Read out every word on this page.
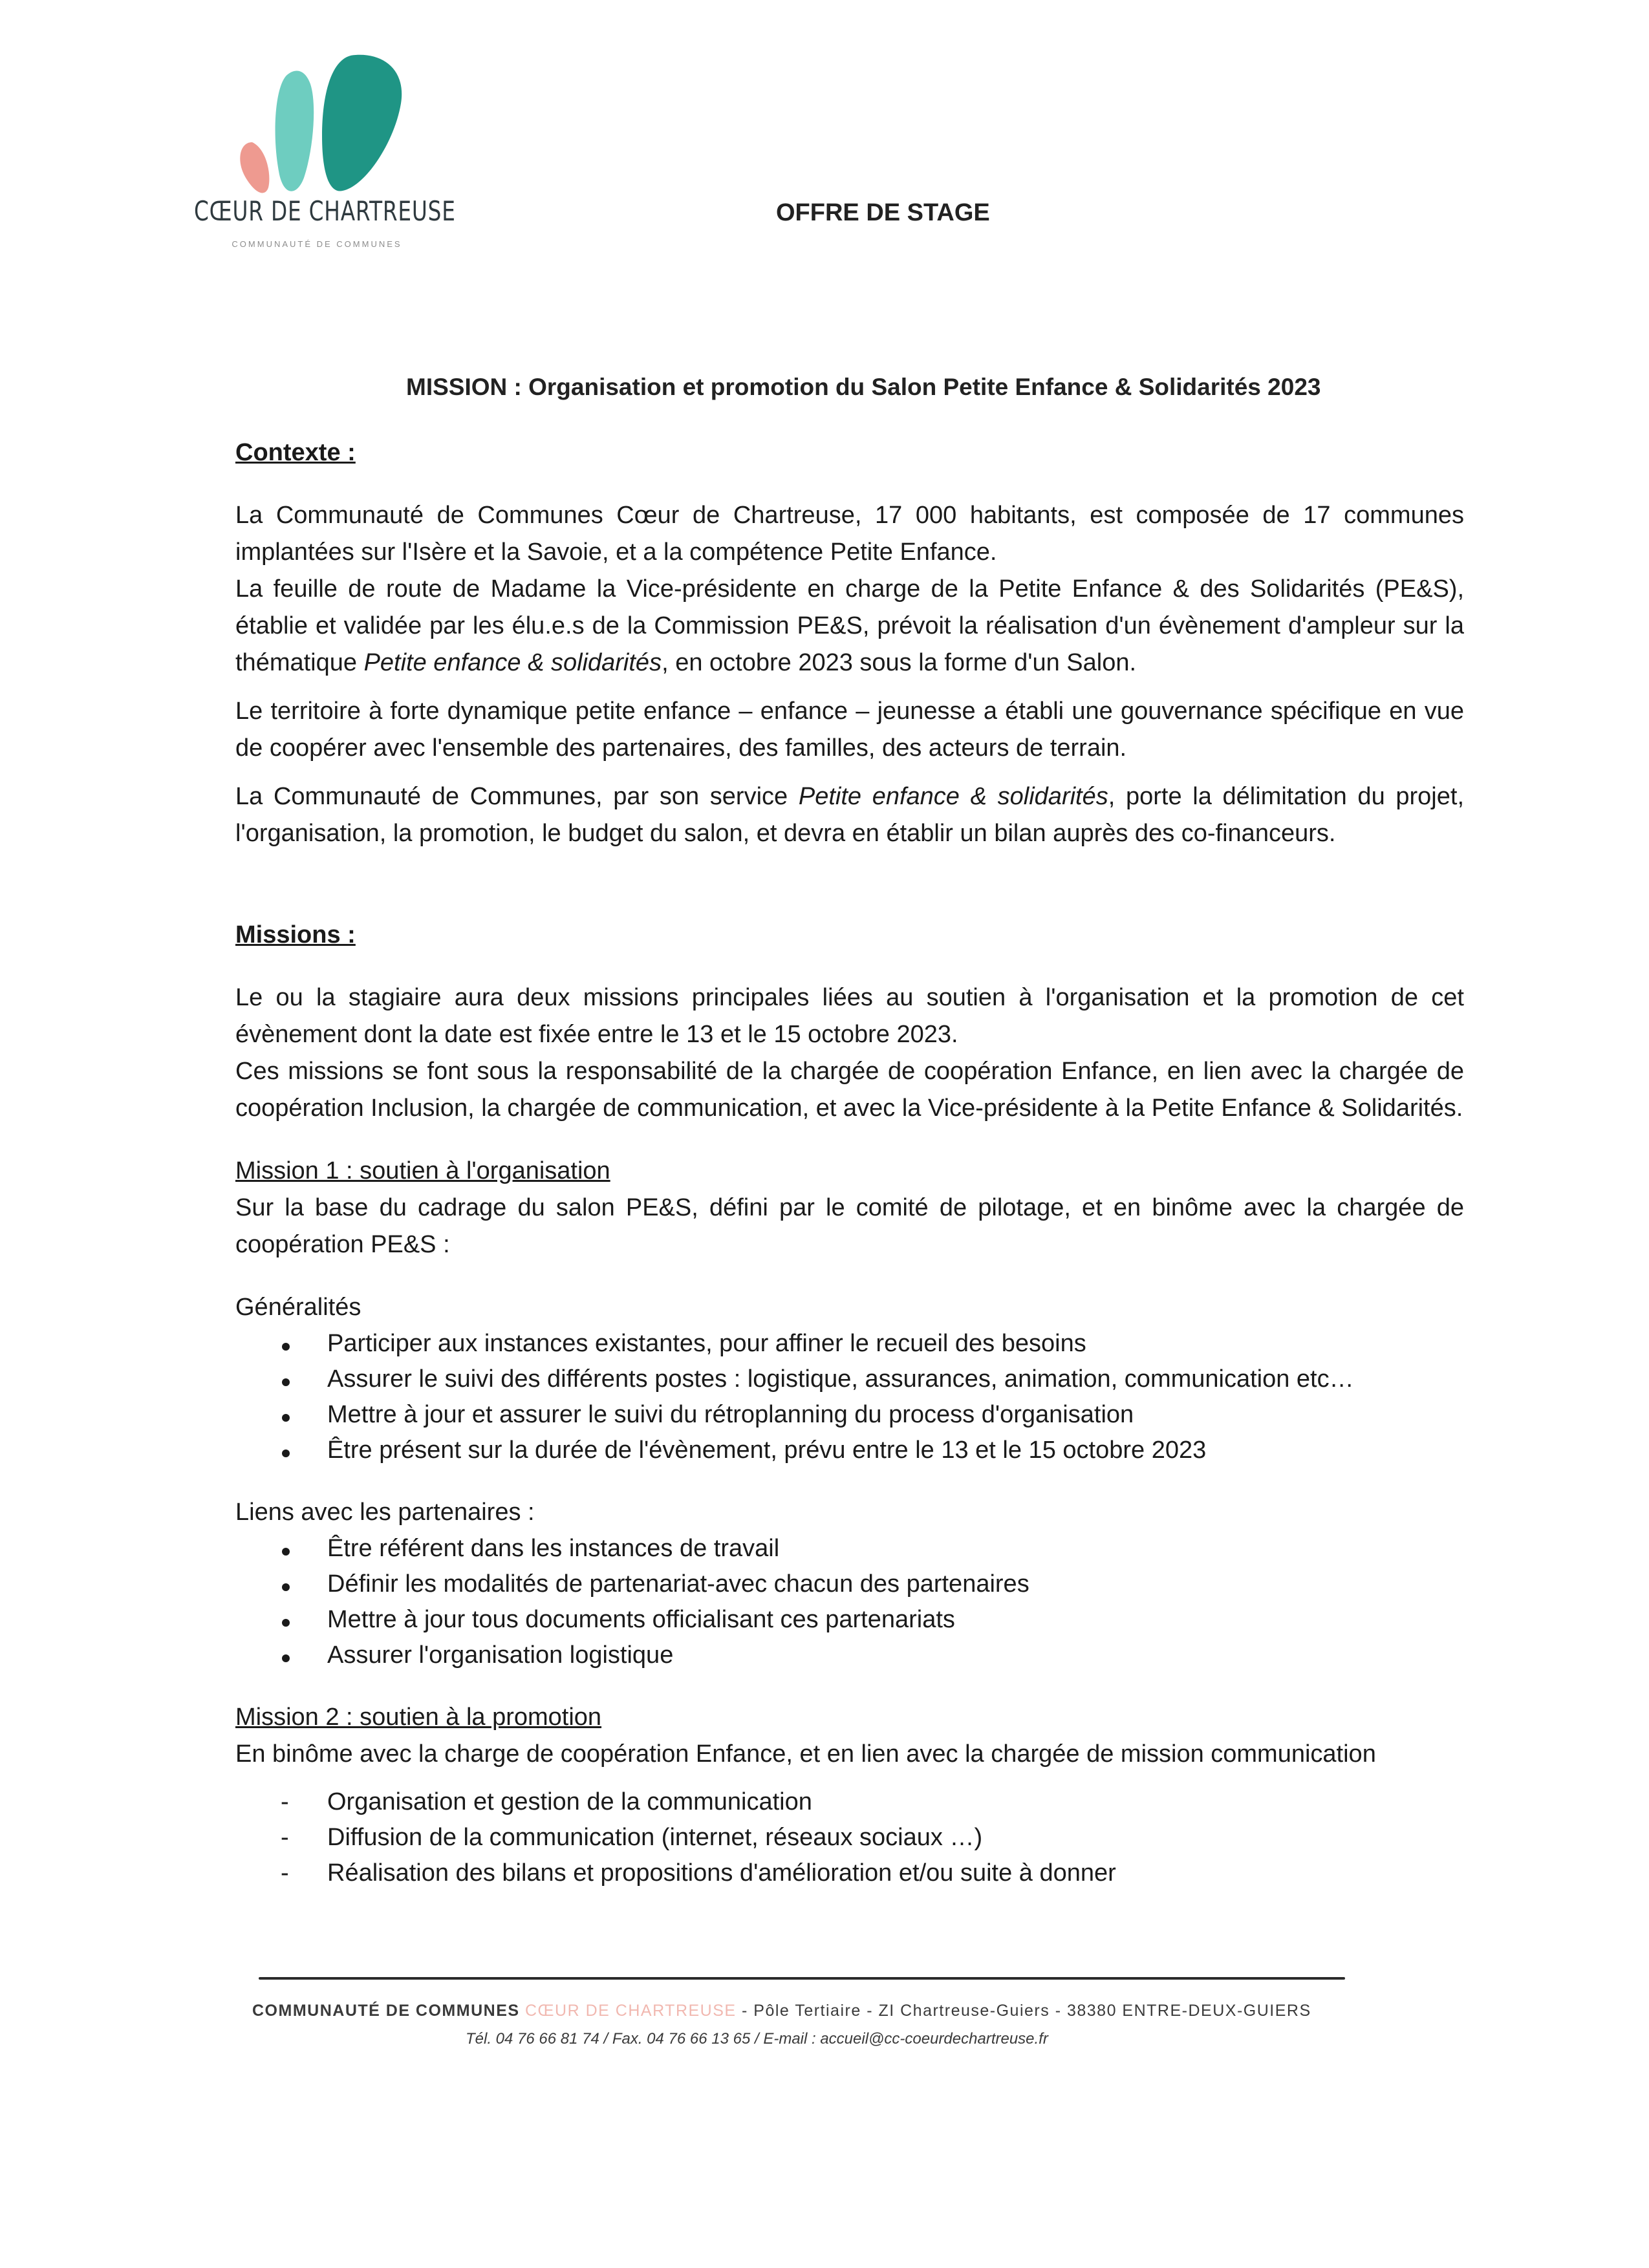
CŒUR DE CHARTREUSE
COMMUNAUTÉ DE COMMUNES
OFFRE DE STAGE
MISSION : Organisation et promotion du Salon Petite Enfance & Solidarités 2023

Contexte :

La Communauté de Communes Cœur de Chartreuse, 17 000 habitants, est composée de 17 communes implantées sur l'Isère et la Savoie, et a la compétence Petite Enfance.

La feuille de route de Madame la Vice-présidente en charge de la Petite Enfance & des Solidarités (PE&S), établie et validée par les élu.e.s de la Commission PE&S, prévoit la réalisation d'un évènement d'ampleur sur la thématique Petite enfance & solidarités, en octobre 2023 sous la forme d'un Salon.

Le territoire à forte dynamique petite enfance – enfance – jeunesse a établi une gouvernance spécifique en vue de coopérer avec l'ensemble des partenaires, des familles, des acteurs de terrain.

La Communauté de Communes, par son service Petite enfance & solidarités, porte la délimitation du projet, l'organisation, la promotion, le budget du salon, et devra en établir un bilan auprès des co-financeurs.

Missions :

Le ou la stagiaire aura deux missions principales liées au soutien à l'organisation et la promotion de cet évènement dont la date est fixée entre le 13 et le 15 octobre 2023.

Ces missions se font sous la responsabilité de la chargée de coopération Enfance, en lien avec la chargée de coopération Inclusion, la chargée de communication, et avec la Vice-présidente à la Petite Enfance & Solidarités.

Mission 1 : soutien à l'organisation

Sur la base du cadrage du salon PE&S, défini par le comité de pilotage, et en binôme avec la chargée de coopération PE&S :

Généralités

Participer aux instances existantes, pour affiner le recueil des besoins
Assurer le suivi des différents postes : logistique, assurances, animation, communication etc…
Mettre à jour et assurer le suivi du rétroplanning du process d'organisation
Être présent sur la durée de l'évènement, prévu entre le 13 et le 15 octobre 2023

Liens avec les partenaires :

Être référent dans les instances de travail
Définir les modalités de partenariat-avec chacun des partenaires
Mettre à jour tous documents officialisant ces partenariats
Assurer l'organisation logistique

Mission 2 : soutien à la promotion

En binôme avec la charge de coopération Enfance, et en lien avec la chargée de mission communication

- Organisation et gestion de la communication
- Diffusion de la communication (internet, réseaux sociaux …)
- Réalisation des bilans et propositions d'amélioration et/ou suite à donner
COMMUNAUTÉ DE COMMUNES CŒUR DE CHARTREUSE - Pôle Tertiaire - ZI Chartreuse-Guiers - 38380 ENTRE-DEUX-GUIERS
Tél. 04 76 66 81 74 / Fax. 04 76 66 13 65 / E-mail : accueil@cc-coeurdechartreuse.fr
